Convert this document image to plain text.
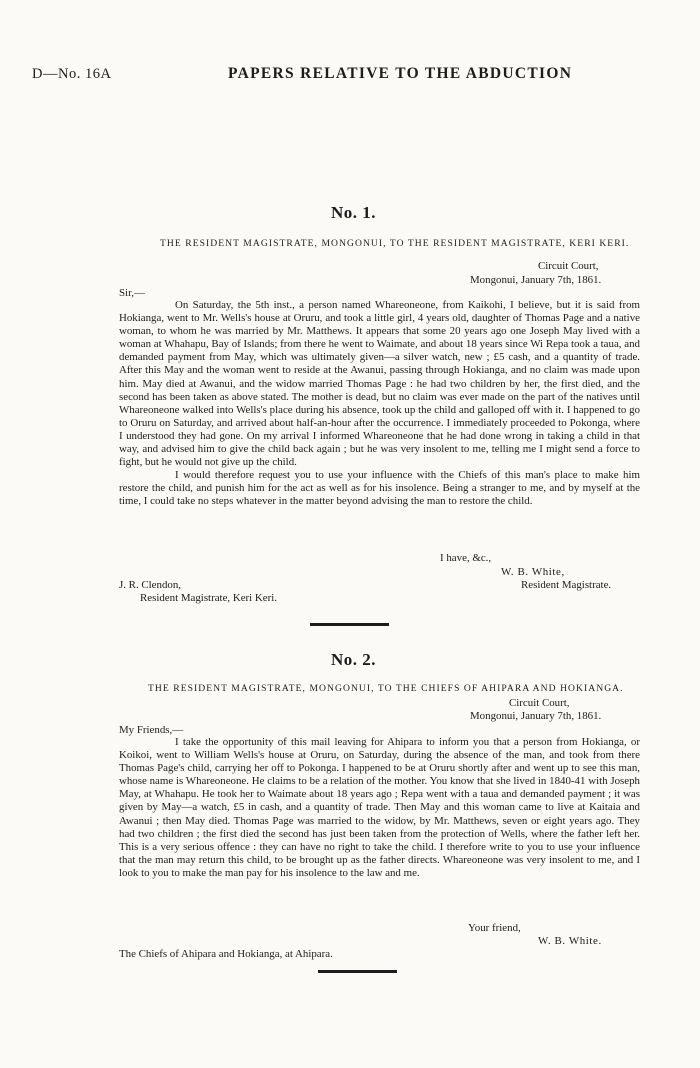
D—No. 16A	PAPERS RELATIVE TO THE ABDUCTION
No. 1.
THE RESIDENT MAGISTRATE, MONGONUI, TO THE RESIDENT MAGISTRATE, KERI KERI.
Circuit Court,
Mongonui, January 7th, 1861.
Sir,—

On Saturday, the 5th inst., a person named Whareoneone, from Kaikohi, I believe, but it is said from Hokianga, went to Mr. Wells's house at Oruru, and took a little girl, 4 years old, daughter of Thomas Page and a native woman, to whom he was married by Mr. Matthews. It appears that some 20 years ago one Joseph May lived with a woman at Whahapu, Bay of Islands; from there he went to Waimate, and about 18 years since Wi Repa took a taua, and demanded payment from May, which was ultimately given—a silver watch, new ; £5 cash, and a quantity of trade. After this May and the woman went to reside at the Awanui, passing through Hokianga, and no claim was made upon him. May died at Awanui, and the widow married Thomas Page : he had two children by her, the first died, and the second has been taken as above stated. The mother is dead, but no claim was ever made on the part of the natives until Whareoneone walked into Wells's place during his absence, took up the child and galloped off with it. I happened to go to Oruru on Saturday, and arrived about half-an-hour after the occurrence. I immediately proceeded to Pokonga, where I understood they had gone. On my arrival I informed Whareoneone that he had done wrong in taking a child in that way, and advised him to give the child back again ; but he was very insolent to me, telling me I might send a force to fight, but he would not give up the child.

I would therefore request you to use your influence with the Chiefs of this man's place to make him restore the child, and punish him for the act as well as for his insolence. Being a stranger to me, and by myself at the time, I could take no steps whatever in the matter beyond advising the man to restore the child.

I have, &c.,
W. B. White,
Resident Magistrate.
J. R. Clendon,
Resident Magistrate, Keri Keri.
No. 2.
THE RESIDENT MAGISTRATE, MONGONUI, TO THE CHIEFS OF AHIPARA AND HOKIANGA.
Circuit Court,
Mongonui, January 7th, 1861.
My Friends,—

I take the opportunity of this mail leaving for Ahipara to inform you that a person from Hokianga, or Koikoi, went to William Wells's house at Oruru, on Saturday, during the absence of the man, and took from there Thomas Page's child, carrying her off to Pokonga. I happened to be at Oruru shortly after and went up to see this man, whose name is Whareoneone. He claims to be a relation of the mother. You know that she lived in 1840-41 with Joseph May, at Whahapu. He took her to Waimate about 18 years ago ; Repa went with a taua and demanded payment ; it was given by May—a watch, £5 in cash, and a quantity of trade. Then May and this woman came to live at Kaitaia and Awanui ; then May died. Thomas Page was married to the widow, by Mr. Matthews, seven or eight years ago. They had two children ; the first died the second has just been taken from the protection of Wells, where the father left her. This is a very serious offence : they can have no right to take the child. I therefore write to you to use your influence that the man may return this child, to be brought up as the father directs. Whareoneone was very insolent to me, and I look to you to make the man pay for his insolence to the law and me.

Your friend,
W. B. White.
The Chiefs of Ahipara and Hokianga, at Ahipara.
